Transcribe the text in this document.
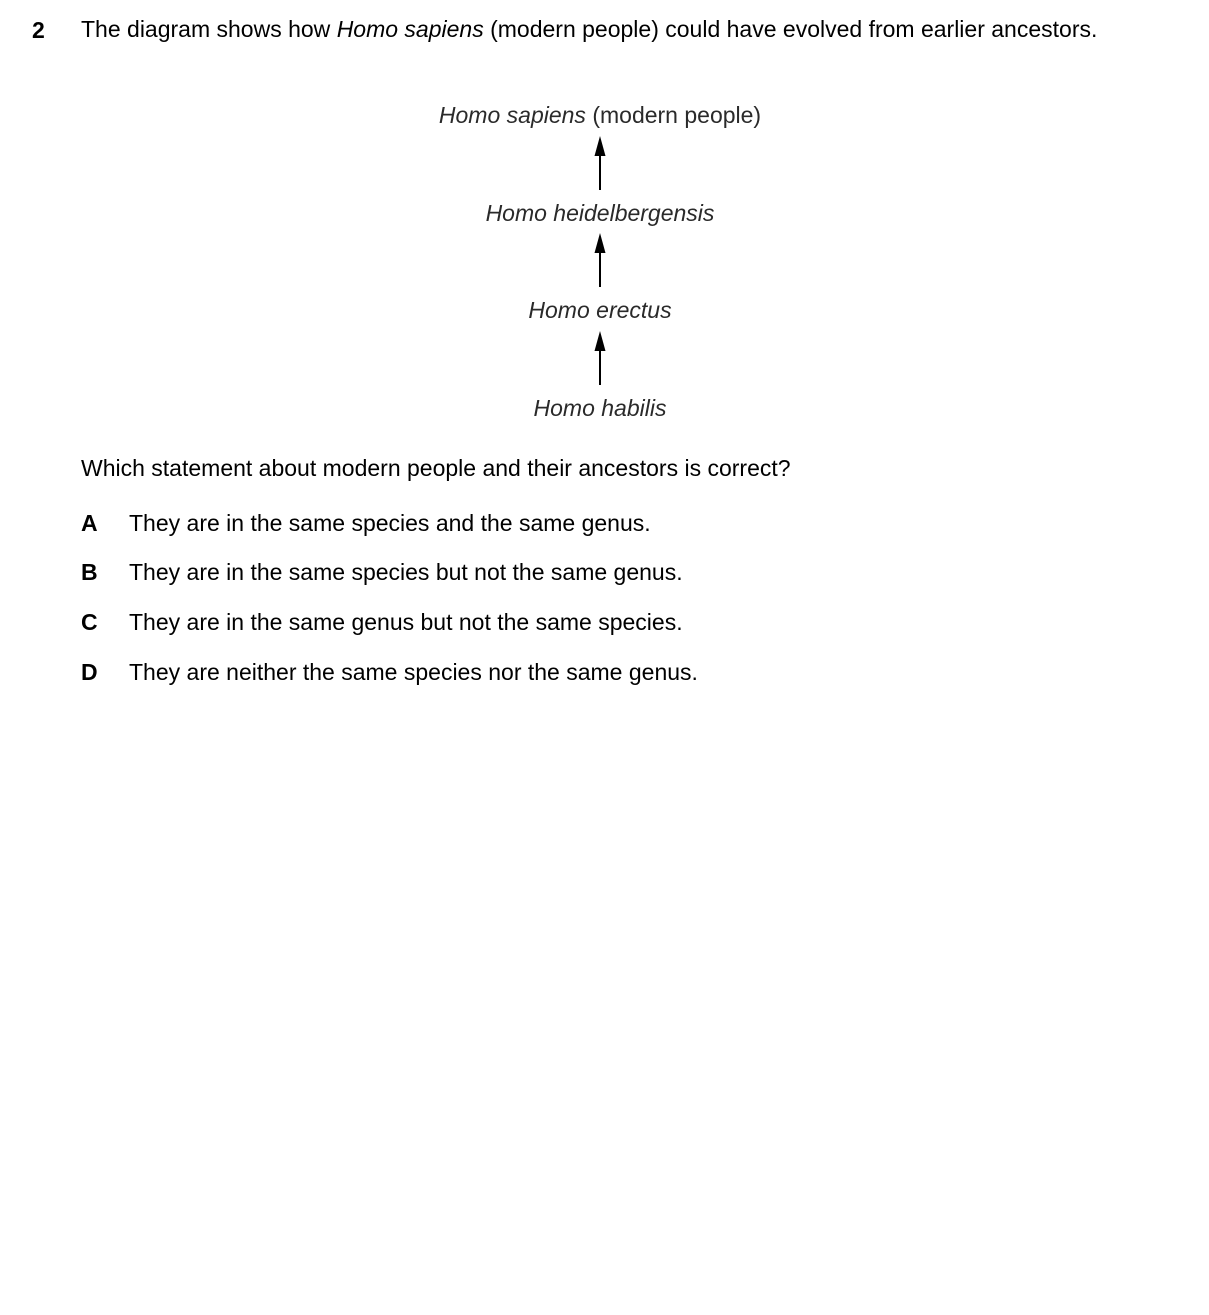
2 The diagram shows how Homo sapiens (modern people) could have evolved from earlier ancestors.
Homo sapiens (modern people)
Homo heidelbergensis
Homo erectus
Homo habilis
Which statement about modern people and their ancestors is correct?
A They are in the same species and the same genus.
B They are in the same species but not the same genus.
C They are in the same genus but not the same species.
D They are neither the same species nor the same genus.
